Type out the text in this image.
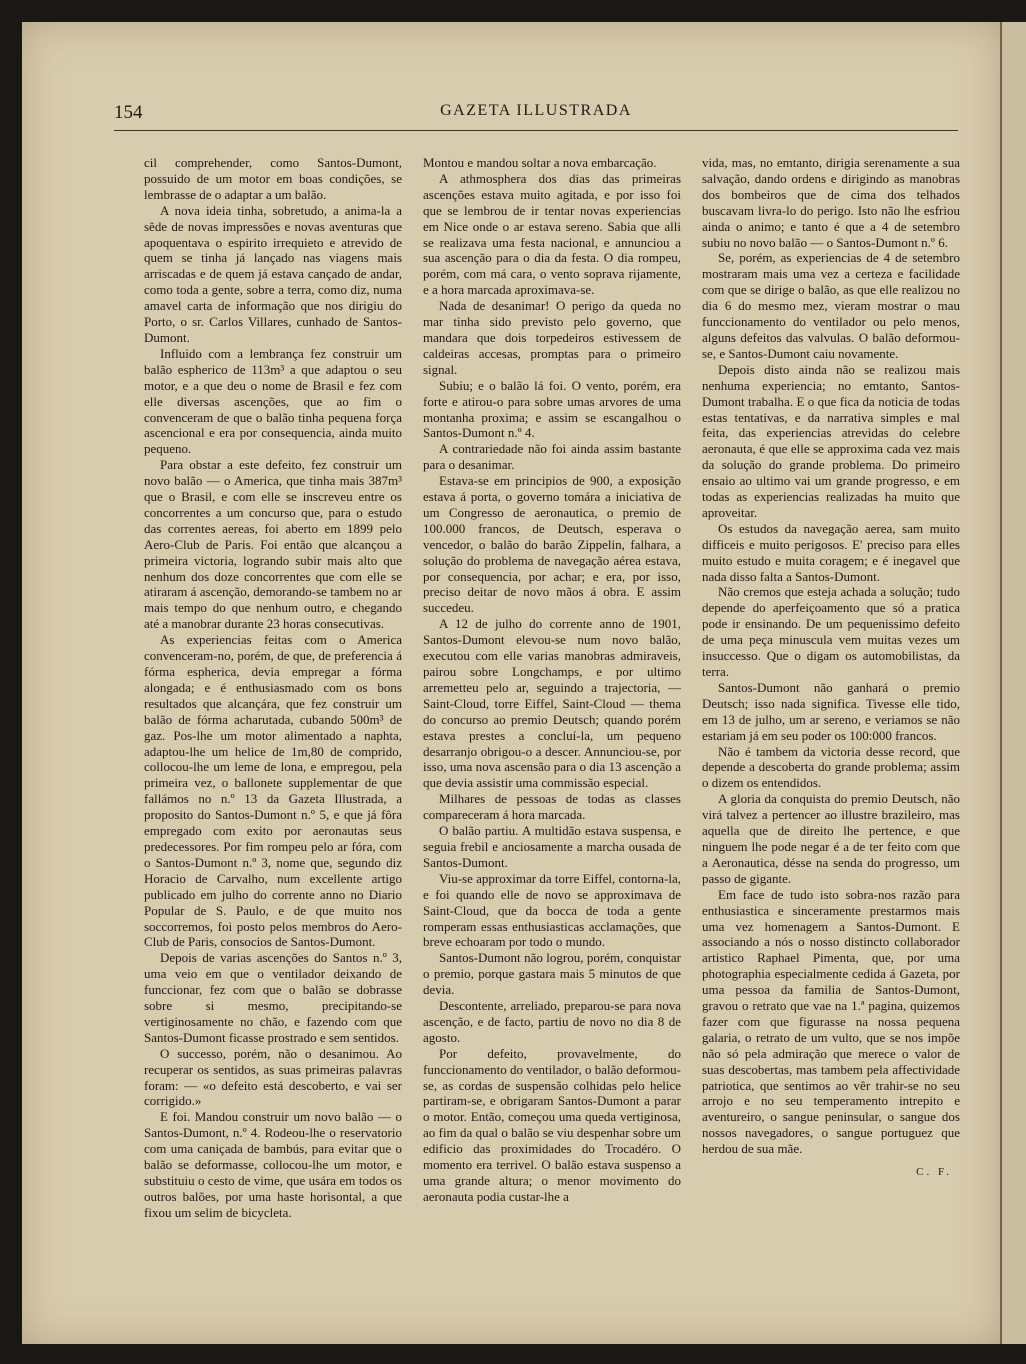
154	GAZETA ILLUSTRADA

cil comprehender, como Santos-Dumont, possuido de um motor em boas condições, se lembrasse de o adaptar a um balão.

A nova ideia tinha, sobretudo, a anima-la a sêde de novas impressões e novas aventuras que apoquentava o espirito irrequieto e atrevido de quem se tinha já lançado nas viagens mais arriscadas e de quem já estava cançado de andar, como toda a gente, sobre a terra, como diz, numa amavel carta de informação que nos dirigiu do Porto, o sr. Carlos Villares, cunhado de Santos-Dumont.

Influido com a lembrança fez construir um balão espherico de 113m³ a que adaptou o seu motor, e a que deu o nome de Brasil e fez com elle diversas ascenções, que ao fim o convenceram de que o balão tinha pequena força ascencional e era por consequencia, ainda muito pequeno.

Para obstar a este defeito, fez construir um novo balão — o America, que tinha mais 387m³ que o Brasil, e com elle se inscreveu entre os concorrentes a um concurso que, para o estudo das correntes aereas, foi aberto em 1899 pelo Aero-Club de Paris. Foi então que alcançou a primeira victoria, logrando subir mais alto que nenhum dos doze concorrentes que com elle se atiraram á ascenção, demorando-se tambem no ar mais tempo do que nenhum outro, e chegando até a manobrar durante 23 horas consecutivas.

As experiencias feitas com o America convenceram-no, porém, de que, de preferencia á fórma espherica, devia empregar a fórma alongada; e é enthusiasmado com os bons resultados que alcançára, que fez construir um balão de fórma acharutada, cubando 500m³ de gaz. Pos-lhe um motor alimentado a naphta, adaptou-lhe um helice de 1m,80 de comprido, collocou-lhe um leme de lona, e empregou, pela primeira vez, o ballonete supplementar de que fallámos no n.º 13 da Gazeta Illustrada, a proposito do Santos-Dumont n.º 5, e que já fôra empregado com exito por aeronautas seus predecessores. Por fim rompeu pelo ar fóra, com o Santos-Dumont n.º 3, nome que, segundo diz Horacio de Carvalho, num excellente artigo publicado em julho do corrente anno no Diario Popular de S. Paulo, e de que muito nos soccorremos, foi posto pelos membros do Aero-Club de Paris, consocios de Santos-Dumont.

Depois de varias ascenções do Santos n.º 3, uma veio em que o ventilador deixando de funccionar, fez com que o balão se dobrasse sobre si mesmo, precipitando-se vertiginosamente no chão, e fazendo com que Santos-Dumont ficasse prostrado e sem sentidos.

O successo, porém, não o desanimou. Ao recuperar os sentidos, as suas primeiras palavras foram: — «o defeito está descoberto, e vai ser corrigido.»

E foi. Mandou construir um novo balão — o Santos-Dumont, n.º 4. Rodeou-lhe o reservatorio com uma caniçada de bambús, para evitar que o balão se deformasse, collocou-lhe um motor, e substituiu o cesto de vime, que usára em todos os outros balões, por uma haste horisontal, a que fixou um selim de bicycleta.

Montou e mandou soltar a nova embarcação.

A athmosphera dos dias das primeiras ascenções estava muito agitada, e por isso foi que se lembrou de ir tentar novas experiencias em Nice onde o ar estava sereno. Sabia que alli se realizava uma festa nacional, e annunciou a sua ascenção para o dia da festa. O dia rompeu, porém, com má cara, o vento soprava rijamente, e a hora marcada aproximava-se.

Nada de desanimar! O perigo da queda no mar tinha sido previsto pelo governo, que mandara que dois torpedeiros estivessem de caldeiras accesas, promptas para o primeiro signal.

Subiu; e o balão lá foi. O vento, porém, era forte e atirou-o para sobre umas arvores de uma montanha proxima; e assim se escangalhou o Santos-Dumont n.º 4.

A contrariedade não foi ainda assim bastante para o desanimar.

Estava-se em principios de 900, a exposição estava á porta, o governo tomára a iniciativa de um Congresso de aeronautica, o premio de 100.000 francos, de Deutsch, esperava o vencedor, o balão do barão Zippelin, falhara, a solução do problema de navegação aérea estava, por consequencia, por achar; e era, por isso, preciso deitar de novo mãos á obra. E assim succedeu.

A 12 de julho do corrente anno de 1901, Santos-Dumont elevou-se num novo balão, executou com elle varias manobras admiraveis, pairou sobre Longchamps, e por ultimo arremetteu pelo ar, seguindo a trajectoria, — Saint-Cloud, torre Eiffel, Saint-Cloud — thema do concurso ao premio Deutsch; quando porém estava prestes a concluí-la, um pequeno desarranjo obrigou-o a descer. Annunciou-se, por isso, uma nova ascensão para o dia 13 ascenção a que devia assistir uma commissão especial.

Milhares de pessoas de todas as classes compareceram á hora marcada.

O balão partiu. A multidão estava suspensa, e seguia frebil e anciosamente a marcha ousada de Santos-Dumont.

Viu-se approximar da torre Eiffel, contorna-la, e foi quando elle de novo se approximava de Saint-Cloud, que da bocca de toda a gente romperam essas enthusiasticas acclamações, que breve echoaram por todo o mundo.

Santos-Dumont não logrou, porém, conquistar o premio, porque gastara mais 5 minutos de que devia.

Descontente, arreliado, preparou-se para nova ascenção, e de facto, partiu de novo no dia 8 de agosto.

Por defeito, provavelmente, do funccionamento do ventilador, o balão deformou-se, as cordas de suspensão colhidas pelo helice partiram-se, e obrigaram Santos-Dumont a parar o motor. Então, começou uma queda vertiginosa, ao fim da qual o balão se viu despenhar sobre um edificio das proximidades do Trocadéro. O momento era terrivel. O balão estava suspenso a uma grande altura; o menor movimento do aeronauta podia custar-lhe a

vida, mas, no emtanto, dirigia serenamente a sua salvação, dando ordens e dirigindo as manobras dos bombeiros que de cima dos telhados buscavam livra-lo do perigo. Isto não lhe esfriou ainda o animo; e tanto é que a 4 de setembro subiu no novo balão — o Santos-Dumont n.º 6.

Se, porém, as experiencias de 4 de setembro mostraram mais uma vez a certeza e facilidade com que se dirige o balão, as que elle realizou no dia 6 do mesmo mez, vieram mostrar o mau funccionamento do ventilador ou pelo menos, alguns defeitos das valvulas. O balão deformou-se, e Santos-Dumont caiu novamente.

Depois disto ainda não se realizou mais nenhuma experiencia; no emtanto, Santos-Dumont trabalha. E o que fica da noticia de todas estas tentativas, e da narrativa simples e mal feita, das experiencias atrevidas do celebre aeronauta, é que elle se approxima cada vez mais da solução do grande problema. Do primeiro ensaio ao ultimo vai um grande progresso, e em todas as experiencias realizadas ha muito que aproveitar.

Os estudos da navegação aerea, sam muito difficeis e muito perigosos. E' preciso para elles muito estudo e muita coragem; e é inegavel que nada disso falta a Santos-Dumont.

Não cremos que esteja achada a solução; tudo depende do aperfeiçoamento que só a pratica pode ir ensinando. De um pequenissimo defeito de uma peça minuscula vem muitas vezes um insuccesso. Que o digam os automobilistas, da terra.

Santos-Dumont não ganhará o premio Deutsch; isso nada significa. Tivesse elle tido, em 13 de julho, um ar sereno, e veriamos se não estariam já em seu poder os 100:000 francos.

Não é tambem da victoria desse record, que depende a descoberta do grande problema; assim o dizem os entendidos.

A gloria da conquista do premio Deutsch, não virá talvez a pertencer ao illustre brazileiro, mas aquella que de direito lhe pertence, e que ninguem lhe pode negar é a de ter feito com que a Aeronautica, désse na senda do progresso, um passo de gigante.

Em face de tudo isto sobra-nos razão para enthusiastica e sinceramente prestarmos mais uma vez homenagem a Santos-Dumont. E associando a nós o nosso distincto collaborador artistico Raphael Pimenta, que, por uma photographia especialmente cedida á Gazeta, por uma pessoa da familia de Santos-Dumont, gravou o retrato que vae na 1.ª pagina, quizemos fazer com que figurasse na nossa pequena galaria, o retrato de um vulto, que se nos impõe não só pela admiração que merece o valor de suas descobertas, mas tambem pela affectividade patriotica, que sentimos ao vêr trahir-se no seu arrojo e no seu temperamento intrepito e aventureiro, o sangue peninsular, o sangue dos nossos navegadores, o sangue portuguez que herdou de sua mãe.

C. F.
